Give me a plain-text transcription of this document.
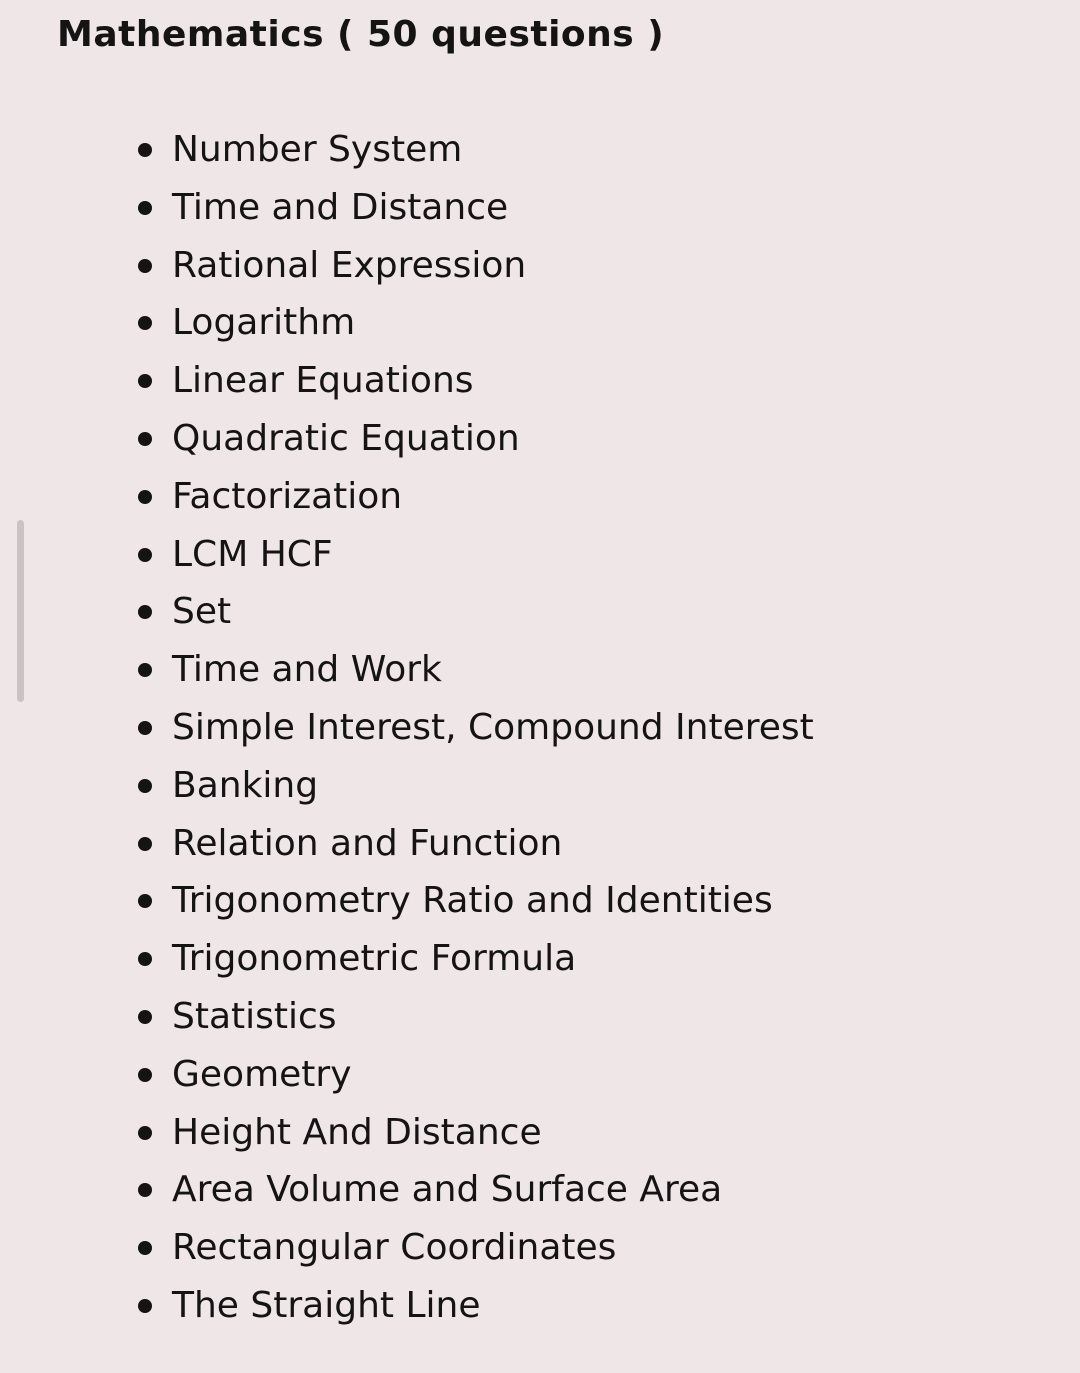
Mathematics ( 50 questions )
Number System
Time and Distance
Rational Expression
Logarithm
Linear Equations
Quadratic Equation
Factorization
LCM HCF
Set
Time and Work
Simple Interest, Compound Interest
Banking
Relation and Function
Trigonometry Ratio and Identities
Trigonometric Formula
Statistics
Geometry
Height And Distance
Area Volume and Surface Area
Rectangular Coordinates
The Straight Line
